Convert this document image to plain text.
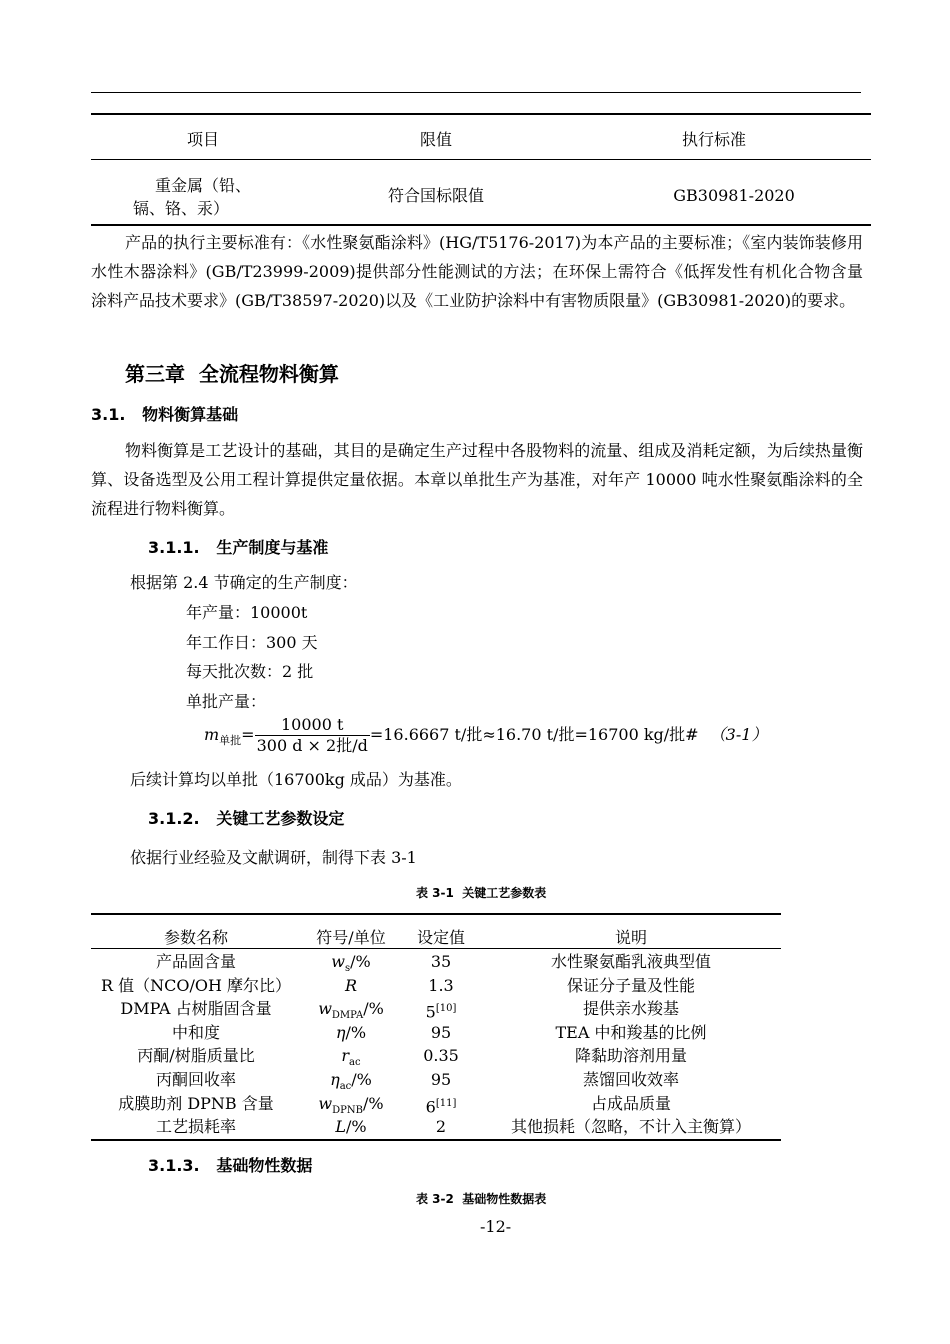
项目	限值	执行标准
重金属（铅、
镉、铬、汞）
符合国标限值	GB30981-2020

产品的执行主要标准有：《水性聚氨酯涂料》(HG/T5176-2017)为本产品的主要标准；《室内装饰装修用水性木器涂料》(GB/T23999-2009)提供部分性能测试的方法；在环保上需符合《低挥发性有机化合物含量涂料产品技术要求》(GB/T38597-2020)以及《工业防护涂料中有害物质限量》(GB30981-2020)的要求。

第三章  全流程物料衡算
3.1.   物料衡算基础

物料衡算是工艺设计的基础，其目的是确定生产过程中各股物料的流量、组成及消耗定额，为后续热量衡算、设备选型及公用工程计算提供定量依据。本章以单批生产为基准，对年产 10000 吨水性聚氨酯涂料的全流程进行物料衡算。

3.1.1.   生产制度与基准
根据第 2.4 节确定的生产制度：
年产量：10000t
年工作日：300 天
每天批次数：2 批
单批产量：
$m_{单批}= \frac{10000 t}{\text{300 d × 2批/d}} =16.6667$ t/批≈16.70 t/批=16700 kg/批# （3-1）
后续计算均以单批（16700kg 成品）为基准。
3.1.2.   关键工艺参数设定
依据行业经验及文献调研，制得下表 3-1
表 3-1  关键工艺参数表
参数名称	符号/单位	设定值	说明
产品固含量	$w_s/\%$	35	水性聚氨酯乳液典型值
R 值（NCO/OH 摩尔比）	R	1.3	保证分子量及性能
DMPA 占树脂固含量	$w_{DMPA}/\%$	5[10]	提供亲水羧基
中和度	η/%	95	TEA 中和羧基的比例
丙酮/树脂质量比	$r_{ac}$	0.35	降黏助溶剂用量
丙酮回收率	$\eta_{ac}/\%$	95	蒸馏回收效率
成膜助剂 DPNB 含量	$w_{DPNB}/\%$	6[11]	占成品质量
工艺损耗率	L/%	2	其他损耗（忽略，不计入主衡算）
3.1.3.   基础物性数据
表 3-2  基础物性数据表
-12-
